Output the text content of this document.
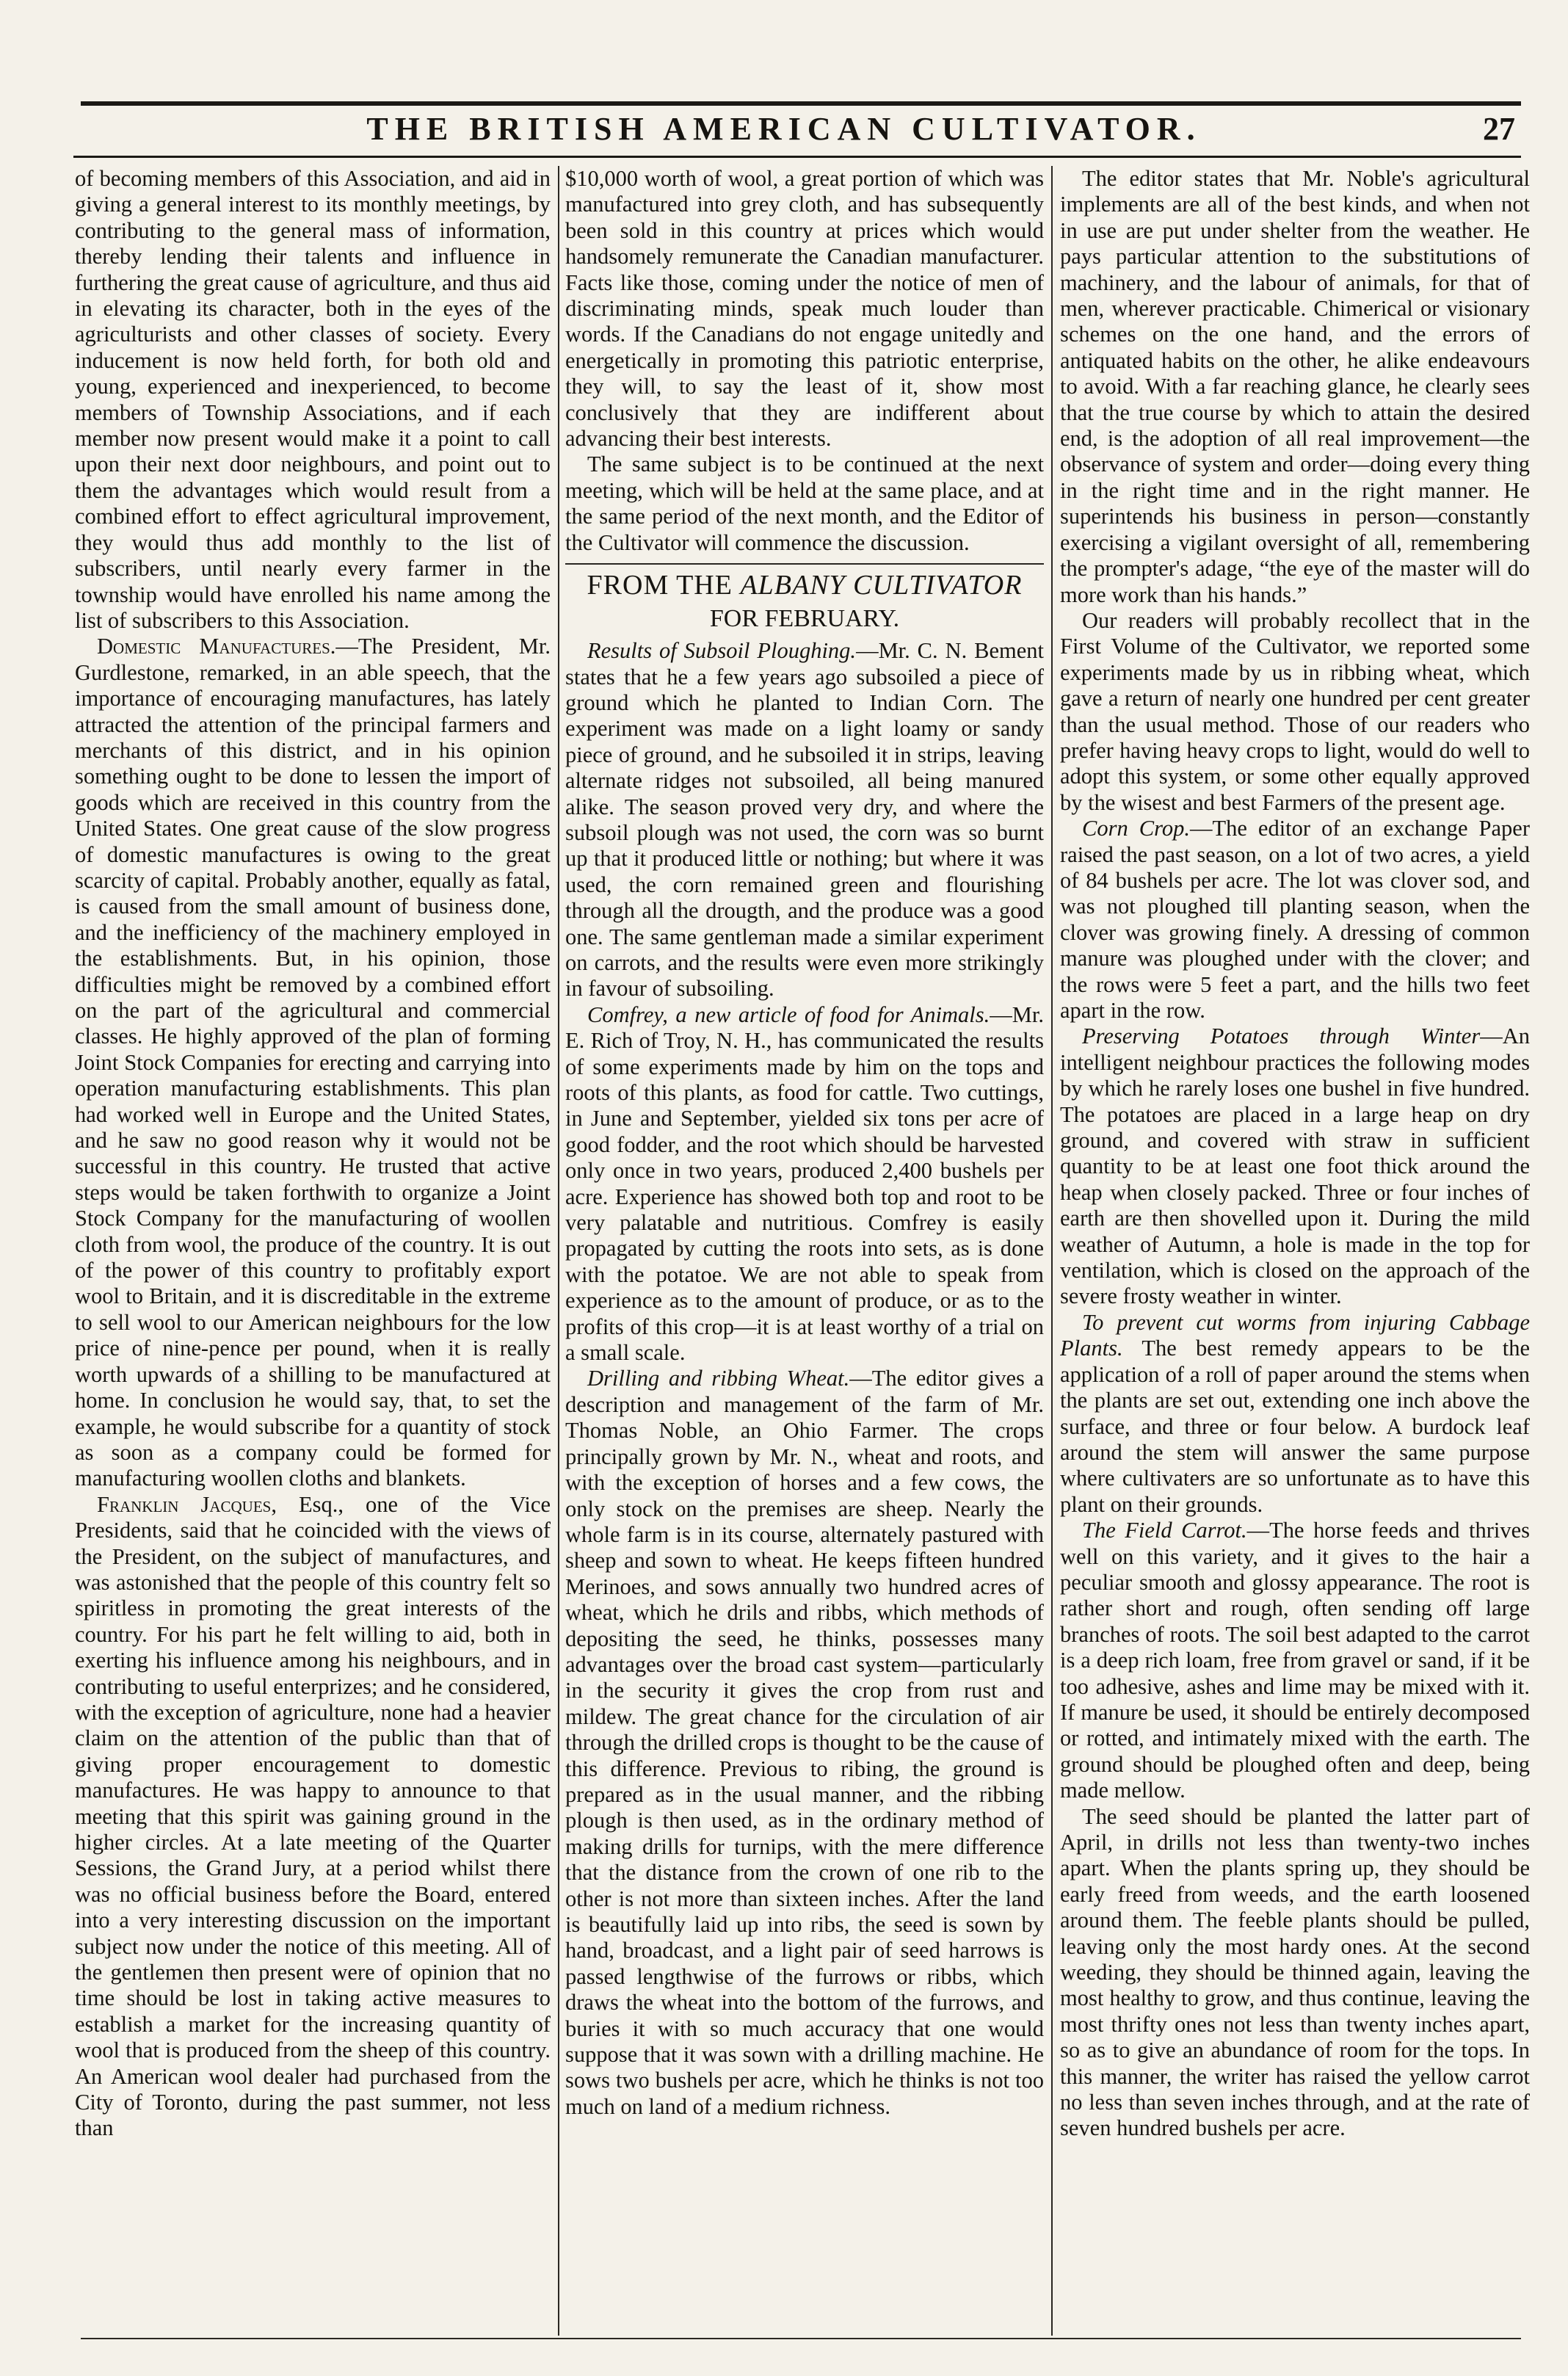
THE BRITISH AMERICAN CULTIVATOR.	27

of becoming members of this Association, and aid in giving a general interest to its monthly meetings, by contributing to the general mass of information, thereby lending their talents and influence in furthering the great cause of agriculture, and thus aid in elevating its character, both in the eyes of the agriculturists and other classes of society. Every inducement is now held forth, for both old and young, experienced and inexperienced, to become members of Township Associations, and if each member now present would make it a point to call upon their next door neighbours, and point out to them the advantages which would result from a combined effort to effect agricultural improvement, they would thus add monthly to the list of subscribers, until nearly every farmer in the township would have enrolled his name among the list of subscribers to this Association.

Domestic Manufactures.—The President, Mr. Gurdlestone, remarked, in an able speech, that the importance of encouraging manufactures, has lately attracted the attention of the principal farmers and merchants of this district, and in his opinion something ought to be done to lessen the import of goods which are received in this country from the United States. One great cause of the slow progress of domestic manufactures is owing to the great scarcity of capital. Probably another, equally as fatal, is caused from the small amount of business done, and the inefficiency of the machinery employed in the establishments. But, in his opinion, those difficulties might be removed by a combined effort on the part of the agricultural and commercial classes. He highly approved of the plan of forming Joint Stock Companies for erecting and carrying into operation manufacturing establishments. This plan had worked well in Europe and the United States, and he saw no good reason why it would not be successful in this country. He trusted that active steps would be taken forthwith to organize a Joint Stock Company for the manufacturing of woollen cloth from wool, the produce of the country. It is out of the power of this country to profitably export wool to Britain, and it is discreditable in the extreme to sell wool to our American neighbours for the low price of nine-pence per pound, when it is really worth upwards of a shilling to be manufactured at home. In conclusion he would say, that, to set the example, he would subscribe for a quantity of stock as soon as a company could be formed for manufacturing woollen cloths and blankets.

Franklin Jacques, Esq., one of the Vice Presidents, said that he coincided with the views of the President, on the subject of manufactures, and was astonished that the people of this country felt so spiritless in promoting the great interests of the country. For his part he felt willing to aid, both in exerting his influence among his neighbours, and in contributing to useful enterprizes; and he considered, with the exception of agriculture, none had a heavier claim on the attention of the public than that of giving proper encouragement to domestic manufactures. He was happy to announce to that meeting that this spirit was gaining ground in the higher circles. At a late meeting of the Quarter Sessions, the Grand Jury, at a period whilst there was no official business before the Board, entered into a very interesting discussion on the important subject now under the notice of this meeting. All of the gentlemen then present were of opinion that no time should be lost in taking active measures to establish a market for the increasing quantity of wool that is produced from the sheep of this country. An American wool dealer had purchased from the City of Toronto, during the past summer, not less than

$10,000 worth of wool, a great portion of which was manufactured into grey cloth, and has subsequently been sold in this country at prices which would handsomely remunerate the Canadian manufacturer. Facts like those, coming under the notice of men of discriminating minds, speak much louder than words. If the Canadians do not engage unitedly and energetically in promoting this patriotic enterprise, they will, to say the least of it, show most conclusively that they are indifferent about advancing their best interests.

The same subject is to be continued at the next meeting, which will be held at the same place, and at the same period of the next month, and the Editor of the Cultivator will commence the discussion.

FROM THE ALBANY CULTIVATOR
FOR FEBRUARY.

Results of Subsoil Ploughing.—Mr. C. N. Bement states that he a few years ago subsoiled a piece of ground which he planted to Indian Corn. The experiment was made on a light loamy or sandy piece of ground, and he subsoiled it in strips, leaving alternate ridges not subsoiled, all being manured alike. The season proved very dry, and where the subsoil plough was not used, the corn was so burnt up that it produced little or nothing; but where it was used, the corn remained green and flourishing through all the drougth, and the produce was a good one. The same gentleman made a similar experiment on carrots, and the results were even more strikingly in favour of subsoiling.

Comfrey, a new article of food for Animals.—Mr. E. Rich of Troy, N. H., has communicated the results of some experiments made by him on the tops and roots of this plants, as food for cattle. Two cuttings, in June and September, yielded six tons per acre of good fodder, and the root which should be harvested only once in two years, produced 2,400 bushels per acre. Experience has showed both top and root to be very palatable and nutritious. Comfrey is easily propagated by cutting the roots into sets, as is done with the potatoe. We are not able to speak from experience as to the amount of produce, or as to the profits of this crop—it is at least worthy of a trial on a small scale.

Drilling and ribbing Wheat.—The editor gives a description and management of the farm of Mr. Thomas Noble, an Ohio Farmer. The crops principally grown by Mr. N., wheat and roots, and with the exception of horses and a few cows, the only stock on the premises are sheep. Nearly the whole farm is in its course, alternately pastured with sheep and sown to wheat. He keeps fifteen hundred Merinoes, and sows annually two hundred acres of wheat, which he drils and ribbs, which methods of depositing the seed, he thinks, possesses many advantages over the broad cast system—particularly in the security it gives the crop from rust and mildew. The great chance for the circulation of air through the drilled crops is thought to be the cause of this difference. Previous to ribing, the ground is prepared as in the usual manner, and the ribbing plough is then used, as in the ordinary method of making drills for turnips, with the mere difference that the distance from the crown of one rib to the other is not more than sixteen inches. After the land is beautifully laid up into ribs, the seed is sown by hand, broadcast, and a light pair of seed harrows is passed lengthwise of the furrows or ribbs, which draws the wheat into the bottom of the furrows, and buries it with so much accuracy that one would suppose that it was sown with a drilling machine. He sows two bushels per acre, which he thinks is not too much on land of a medium richness.

The editor states that Mr. Noble's agricultural implements are all of the best kinds, and when not in use are put under shelter from the weather. He pays particular attention to the substitutions of machinery, and the labour of animals, for that of men, wherever practicable. Chimerical or visionary schemes on the one hand, and the errors of antiquated habits on the other, he alike endeavours to avoid. With a far reaching glance, he clearly sees that the true course by which to attain the desired end, is the adoption of all real improvement—the observance of system and order—doing every thing in the right time and in the right manner. He superintends his business in person—constantly exercising a vigilant oversight of all, remembering the prompter's adage, “the eye of the master will do more work than his hands.”

Our readers will probably recollect that in the First Volume of the Cultivator, we reported some experiments made by us in ribbing wheat, which gave a return of nearly one hundred per cent greater than the usual method. Those of our readers who prefer having heavy crops to light, would do well to adopt this system, or some other equally approved by the wisest and best Farmers of the present age.

Corn Crop.—The editor of an exchange Paper raised the past season, on a lot of two acres, a yield of 84 bushels per acre. The lot was clover sod, and was not ploughed till planting season, when the clover was growing finely. A dressing of common manure was ploughed under with the clover; and the rows were 5 feet a part, and the hills two feet apart in the row.

Preserving Potatoes through Winter—An intelligent neighbour practices the following modes by which he rarely loses one bushel in five hundred. The potatoes are placed in a large heap on dry ground, and covered with straw in sufficient quantity to be at least one foot thick around the heap when closely packed. Three or four inches of earth are then shovelled upon it. During the mild weather of Autumn, a hole is made in the top for ventilation, which is closed on the approach of the severe frosty weather in winter.

To prevent cut worms from injuring Cabbage Plants. The best remedy appears to be the application of a roll of paper around the stems when the plants are set out, extending one inch above the surface, and three or four below. A burdock leaf around the stem will answer the same purpose where cultivaters are so unfortunate as to have this plant on their grounds.

The Field Carrot.—The horse feeds and thrives well on this variety, and it gives to the hair a peculiar smooth and glossy appearance. The root is rather short and rough, often sending off large branches of roots. The soil best adapted to the carrot is a deep rich loam, free from gravel or sand, if it be too adhesive, ashes and lime may be mixed with it. If manure be used, it should be entirely decomposed or rotted, and intimately mixed with the earth. The ground should be ploughed often and deep, being made mellow.

The seed should be planted the latter part of April, in drills not less than twenty-two inches apart. When the plants spring up, they should be early freed from weeds, and the earth loosened around them. The feeble plants should be pulled, leaving only the most hardy ones. At the second weeding, they should be thinned again, leaving the most healthy to grow, and thus continue, leaving the most thrifty ones not less than twenty inches apart, so as to give an abundance of room for the tops. In this manner, the writer has raised the yellow carrot no less than seven inches through, and at the rate of seven hundred bushels per acre.
